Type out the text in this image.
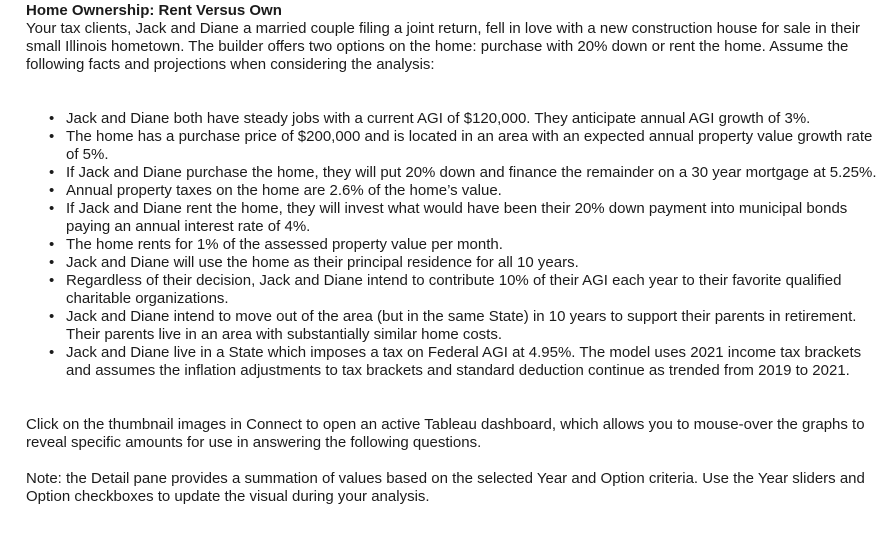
Home Ownership: Rent Versus Own

Your tax clients, Jack and Diane a married couple filing a joint return, fell in love with a new construction house for sale in their small Illinois hometown. The builder offers two options on the home: purchase with 20% down or rent the home. Assume the following facts and projections when considering the analysis:

• Jack and Diane both have steady jobs with a current AGI of $120,000. They anticipate annual AGI growth of 3%.
• The home has a purchase price of $200,000 and is located in an area with an expected annual property value growth rate of 5%.
• If Jack and Diane purchase the home, they will put 20% down and finance the remainder on a 30 year mortgage at 5.25%.
• Annual property taxes on the home are 2.6% of the home’s value.
• If Jack and Diane rent the home, they will invest what would have been their 20% down payment into municipal bonds paying an annual interest rate of 4%.
• The home rents for 1% of the assessed property value per month.
• Jack and Diane will use the home as their principal residence for all 10 years.
• Regardless of their decision, Jack and Diane intend to contribute 10% of their AGI each year to their favorite qualified charitable organizations.
• Jack and Diane intend to move out of the area (but in the same State) in 10 years to support their parents in retirement. Their parents live in an area with substantially similar home costs.
• Jack and Diane live in a State which imposes a tax on Federal AGI at 4.95%. The model uses 2021 income tax brackets and assumes the inflation adjustments to tax brackets and standard deduction continue as trended from 2019 to 2021.

Click on the thumbnail images in Connect to open an active Tableau dashboard, which allows you to mouse-over the graphs to reveal specific amounts for use in answering the following questions.

Note: the Detail pane provides a summation of values based on the selected Year and Option criteria. Use the Year sliders and Option checkboxes to update the visual during your analysis.
